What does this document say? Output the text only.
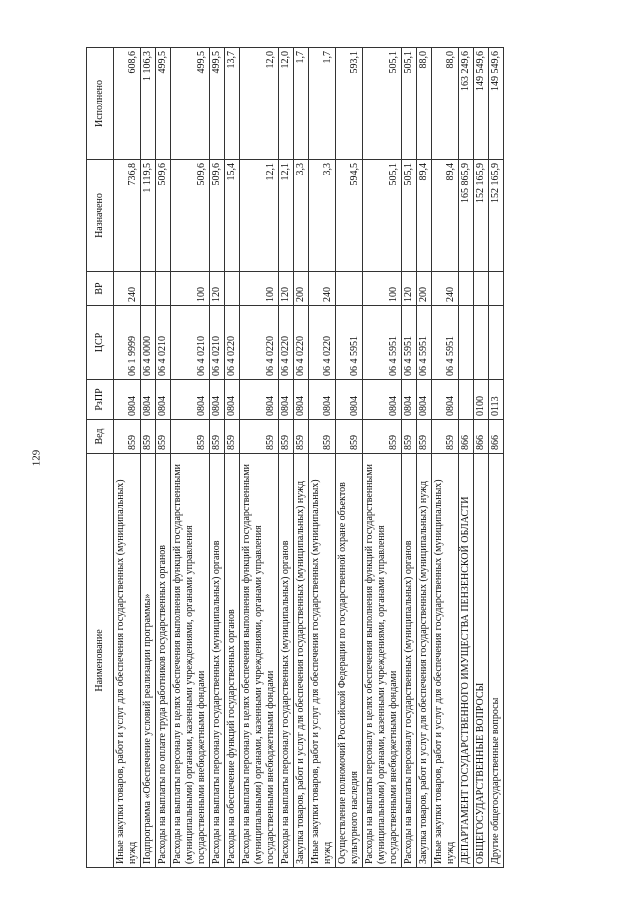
129
Наименование	Вед	РзПР	ЦСР	ВР	Назначено	Исполнено
Иные закупки товаров, работ и услуг для обеспечения государственных (муниципальных) нужд	859	0804	06 1 9999	240	736,8	608,6
Подпрограмма «Обеспечение условий реализации программы»	859	0804	06 4 0000		1 119,5	1 106,3
Расходы на выплаты по оплате труда работников государственных органов	859	0804	06 4 0210		509,6	499,5
Расходы на выплаты персоналу в целях обеспечения выполнения функций государственными (муниципальными) органами, казенными учреждениями, органами управления государственными внебюджетными фондами	859	0804	06 4 0210	100	509,6	499,5
Расходы на выплаты персоналу государственных (муниципальных) органов	859	0804	06 4 0210	120	509,6	499,5
Расходы на обеспечение функций государственных органов	859	0804	06 4 0220		15,4	13,7
Расходы на выплаты персоналу в целях обеспечения выполнения функций государственными (муниципальными) органами, казенными учреждениями, органами управления государственными внебюджетными фондами	859	0804	06 4 0220	100	12,1	12,0
Расходы на выплаты персоналу государственных (муниципальных) органов	859	0804	06 4 0220	120	12,1	12,0
Закупка товаров, работ и услуг для обеспечения государственных (муниципальных) нужд	859	0804	06 4 0220	200	3,3	1,7
Иные закупки товаров, работ и услуг для обеспечения государственных (муниципальных) нужд	859	0804	06 4 0220	240	3,3	1,7
Осуществление полномочий Российской Федерации по государственной охране объектов культурного наследия	859	0804	06 4 5951		594,5	593,1
Расходы на выплаты персоналу в целях обеспечения выполнения функций государственными (муниципальными) органами, казенными учреждениями, органами управления государственными внебюджетными фондами	859	0804	06 4 5951	100	505,1	505,1
Расходы на выплаты персоналу государственных (муниципальных) органов	859	0804	06 4 5951	120	505,1	505,1
Закупка товаров, работ и услуг для обеспечения государственных (муниципальных) нужд	859	0804	06 4 5951	200	89,4	88,0
Иные закупки товаров, работ и услуг для обеспечения государственных (муниципальных) нужд	859	0804	06 4 5951	240	89,4	88,0
ДЕПАРТАМЕНТ ГОСУДАРСТВЕННОГО ИМУЩЕСТВА ПЕНЗЕНСКОЙ ОБЛАСТИ	866				165 865,9	163 249,6
ОБЩЕГОСУДАРСТВЕННЫЕ ВОПРОСЫ	866	0100			152 165,9	149 549,6
Другие общегосударственные вопросы	866	0113			152 165,9	149 549,6
